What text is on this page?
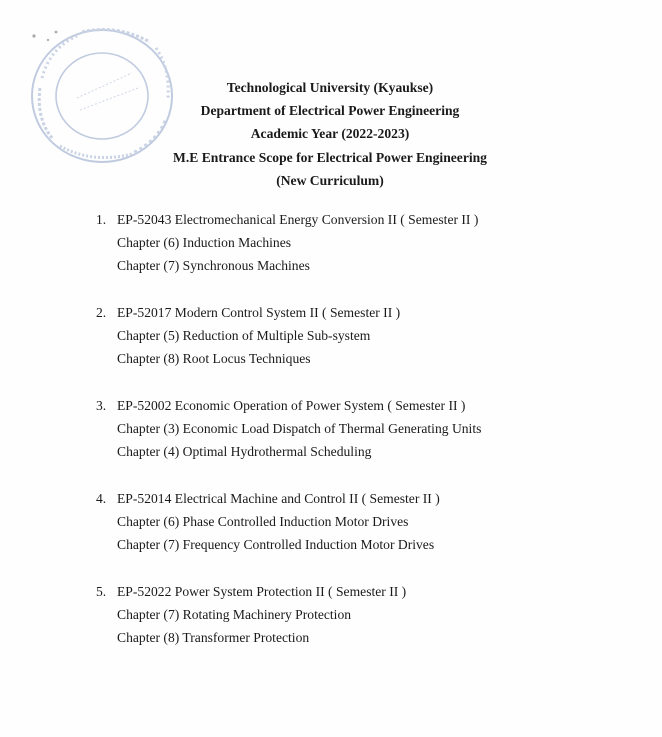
Technological University (Kyaukse)
Department of Electrical Power Engineering
Academic Year (2022-2023)
M.E Entrance Scope for Electrical Power Engineering
(New Curriculum)
1. EP-52043 Electromechanical Energy Conversion II ( Semester II )
Chapter (6) Induction Machines
Chapter (7) Synchronous Machines
2. EP-52017 Modern Control System II ( Semester II )
Chapter (5) Reduction of Multiple Sub-system
Chapter (8) Root Locus Techniques
3. EP-52002 Economic Operation of Power System ( Semester II )
Chapter (3) Economic Load Dispatch of Thermal Generating Units
Chapter (4) Optimal Hydrothermal Scheduling
4. EP-52014 Electrical Machine and Control II ( Semester II )
Chapter (6) Phase Controlled Induction Motor Drives
Chapter (7) Frequency Controlled Induction Motor Drives
5. EP-52022 Power System Protection II ( Semester II )
Chapter (7) Rotating Machinery Protection
Chapter (8) Transformer Protection
